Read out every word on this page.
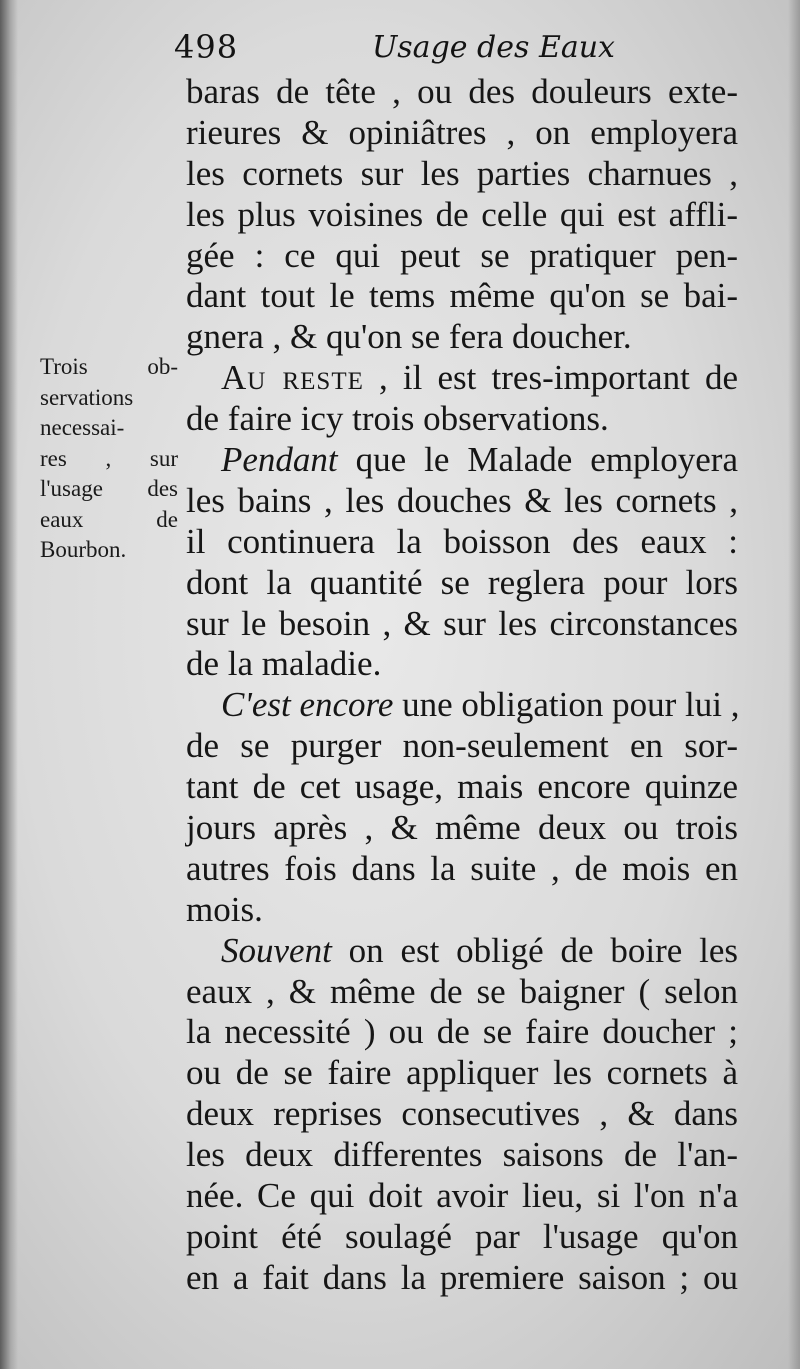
498	Usage des Eaux
Trois ob-
servations
necessai-
res , sur
l'usage des
eaux de
Bourbon.
baras de tête , ou des douleurs exte-
rieures & opiniâtres , on employera
les cornets sur les parties charnues ,
les plus voisines de celle qui est affli-
gée : ce qui peut se pratiquer pen-
dant tout le tems même qu'on se bai-
gnera , & qu'on se fera doucher.
 Au reste , il est tres-important de
de faire icy trois observations.
 Pendant que le Malade employera
les bains , les douches & les cornets ,
il continuera la boisson des eaux :
dont la quantité se reglera pour lors
sur le besoin , & sur les circonstances
de la maladie.
 C'est encore une obligation pour lui ,
de se purger non-seulement en sor-
tant de cet usage, mais encore quinze
jours après , & même deux ou trois
autres fois dans la suite , de mois en
mois.
 Souvent on est obligé de boire les
eaux , & même de se baigner ( selon
la necessité ) ou de se faire doucher ;
ou de se faire appliquer les cornets à
deux reprises consecutives , & dans
les deux differentes saisons de l'an-
née. Ce qui doit avoir lieu, si l'on n'a
point été soulagé par l'usage qu'on
en a fait dans la premiere saison ; ou
